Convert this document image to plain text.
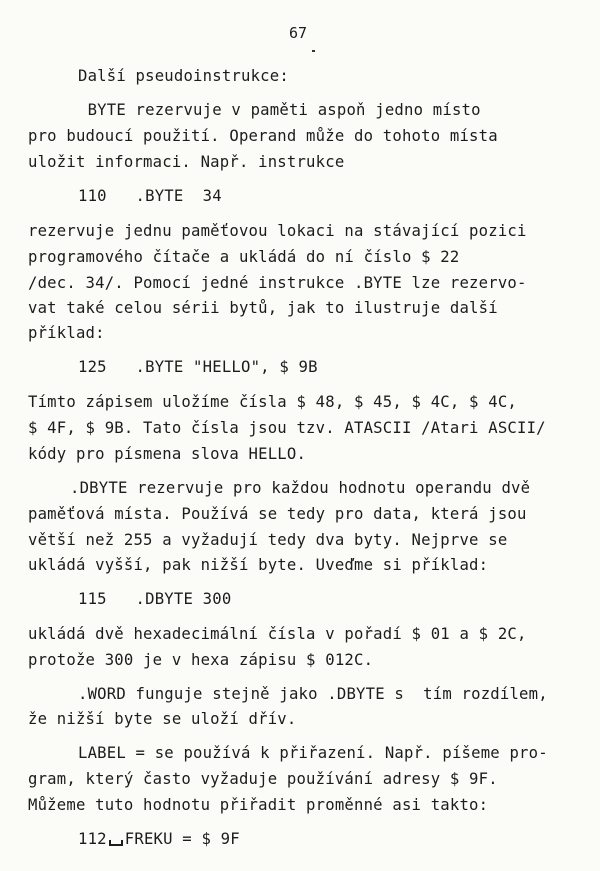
67
Další pseudoinstrukce:
BYTE rezervuje v paměti aspoň jedno místo
pro budoucí použití. Operand může do tohoto místa
uložit informaci. Např. instrukce
110   .BYTE  34
rezervuje jednu paměťovou lokaci na stávající pozici
programového čítače a ukládá do ní číslo $ 22
/dec. 34/. Pomocí jedné instrukce .BYTE lze rezervo-
vat také celou sérii bytů, jak to ilustruje další
příklad:
125   .BYTE "HELLO", $ 9B
Tímto zápisem uložíme čísla $ 48, $ 45, $ 4C, $ 4C,
$ 4F, $ 9B. Tato čísla jsou tzv. ATASCII /Atari ASCII/
kódy pro písmena slova HELLO.
.DBYTE rezervuje pro každou hodnotu operandu dvě
paměťová místa. Používá se tedy pro data, která jsou
větší než 255 a vyžadují tedy dva byty. Nejprve se
ukládá vyšší, pak nižší byte. Uveďme si příklad:
115   .DBYTE 300
ukládá dvě hexadecimální čísla v pořadí $ 01 a $ 2C,
protože 300 je v hexa zápisu $ 012C.
.WORD funguje stejně jako .DBYTE s  tím rozdílem,
že nižší byte se uloží dřív.
LABEL = se používá k přiřazení. Např. píšeme pro-
gram, který často vyžaduje používání adresy $ 9F.
Můžeme tuto hodnotu přiřadit proměnné asi takto:
112 FREKU = $ 9F
